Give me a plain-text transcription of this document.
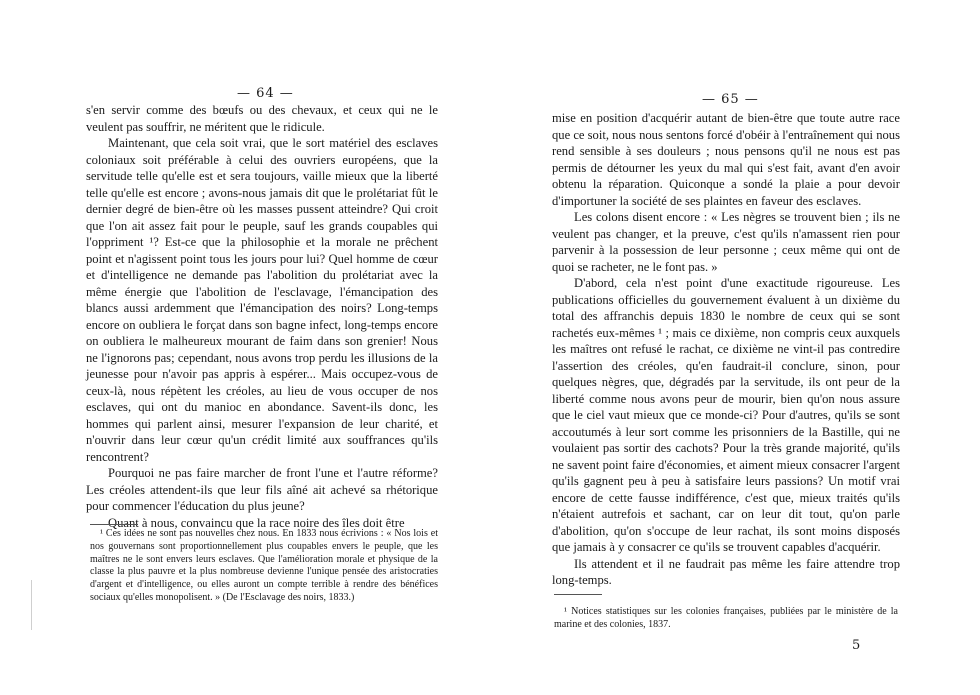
— 64 —

s'en servir comme des bœufs ou des chevaux, et ceux qui ne le veulent pas souffrir, ne méritent que le ridicule.

Maintenant, que cela soit vrai, que le sort matériel des esclaves coloniaux soit préférable à celui des ouvriers européens, que la servitude telle qu'elle est et sera toujours, vaille mieux que la liberté telle qu'elle est encore ; avons-nous jamais dit que le prolétariat fût le dernier degré de bien-être où les masses pussent atteindre? Qui croit que l'on ait assez fait pour le peuple, sauf les grands coupables qui l'oppriment ¹? Est-ce que la philosophie et la morale ne prêchent point et n'agissent point tous les jours pour lui? Quel homme de cœur et d'intelligence ne demande pas l'abolition du prolétariat avec la même énergie que l'abolition de l'esclavage, l'émancipation des blancs aussi ardemment que l'émancipation des noirs? Long-temps encore on oubliera le forçat dans son bagne infect, long-temps encore on oubliera le malheureux mourant de faim dans son grenier! Nous ne l'ignorons pas; cependant, nous avons trop perdu les illusions de la jeunesse pour n'avoir pas appris à espérer... Mais occupez-vous de ceux-là, nous répètent les créoles, au lieu de vous occuper de nos esclaves, qui ont du manioc en abondance. Savent-ils donc, les hommes qui parlent ainsi, mesurer l'expansion de leur charité, et n'ouvrir dans leur cœur qu'un crédit limité aux souffrances qu'ils rencontrent?

Pourquoi ne pas faire marcher de front l'une et l'autre réforme? Les créoles attendent-ils que leur fils aîné ait achevé sa rhétorique pour commencer l'éducation du plus jeune?

Quant à nous, convaincu que la race noire des îles doit être

¹ Ces idées ne sont pas nouvelles chez nous. En 1833 nous écrivions : « Nos lois et nos gouvernans sont proportionnellement plus coupables envers le peuple, que les maîtres ne le sont envers leurs esclaves. Que l'amélioration morale et physique de la classe la plus pauvre et la plus nombreuse devienne l'unique pensée des aristocraties d'argent et d'intelligence, ou elles auront un compte terrible à rendre des bénéfices sociaux qu'elles monopolisent. » (De l'Esclavage des noirs, 1833.)

— 65 —

mise en position d'acquérir autant de bien-être que toute autre race que ce soit, nous nous sentons forcé d'obéir à l'entraînement qui nous rend sensible à ses douleurs ; nous pensons qu'il ne nous est pas permis de détourner les yeux du mal qui s'est fait, avant d'en avoir obtenu la réparation. Quiconque a sondé la plaie a pour devoir d'importuner la société de ses plaintes en faveur des esclaves.

Les colons disent encore : « Les nègres se trouvent bien ; ils ne veulent pas changer, et la preuve, c'est qu'ils n'amassent rien pour parvenir à la possession de leur personne ; ceux même qui ont de quoi se racheter, ne le font pas. »

D'abord, cela n'est point d'une exactitude rigoureuse. Les publications officielles du gouvernement évaluent à un dixième du total des affranchis depuis 1830 le nombre de ceux qui se sont rachetés eux-mêmes ¹ ; mais ce dixième, non compris ceux auxquels les maîtres ont refusé le rachat, ce dixième ne vint-il pas contredire l'assertion des créoles, qu'en faudrait-il conclure, sinon, pour quelques nègres, que, dégradés par la servitude, ils ont peur de la liberté comme nous avons peur de mourir, bien qu'on nous assure que le ciel vaut mieux que ce monde-ci? Pour d'autres, qu'ils se sont accoutumés à leur sort comme les prisonniers de la Bastille, qui ne voulaient pas sortir des cachots? Pour la très grande majorité, qu'ils ne savent point faire d'économies, et aiment mieux consacrer l'argent qu'ils gagnent peu à peu à satisfaire leurs passions? Un motif vrai encore de cette fausse indifférence, c'est que, mieux traités qu'ils n'étaient autrefois et sachant, car on leur dit tout, qu'on parle d'abolition, qu'on s'occupe de leur rachat, ils sont moins disposés que jamais à y consacrer ce qu'ils se trouvent capables d'acquérir.

Ils attendent et il ne faudrait pas même les faire attendre trop long-temps.

¹ Notices statistiques sur les colonies françaises, publiées par le ministère de la marine et des colonies, 1837.

5
